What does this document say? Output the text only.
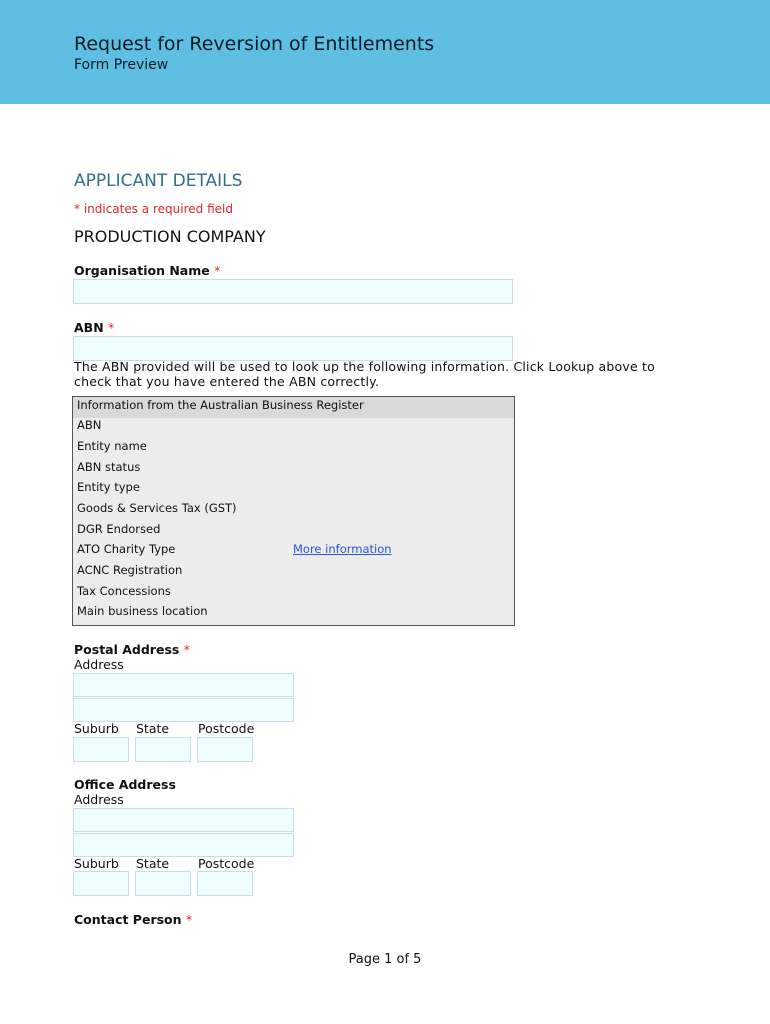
Request for Reversion of Entitlements
Form Preview
APPLICANT DETAILS
* indicates a required field
PRODUCTION COMPANY
Organisation Name *
ABN *
The ABN provided will be used to look up the following information. Click Lookup above to check that you have entered the ABN correctly.
Information from the Australian Business Register
ABN
Entity name
ABN status
Entity type
Goods & Services Tax (GST)
DGR Endorsed
ATO Charity Type	More information
ACNC Registration
Tax Concessions
Main business location
Postal Address *
Address
Suburb State Postcode
Office Address
Address
Suburb State Postcode
Contact Person *
Page 1 of 5
